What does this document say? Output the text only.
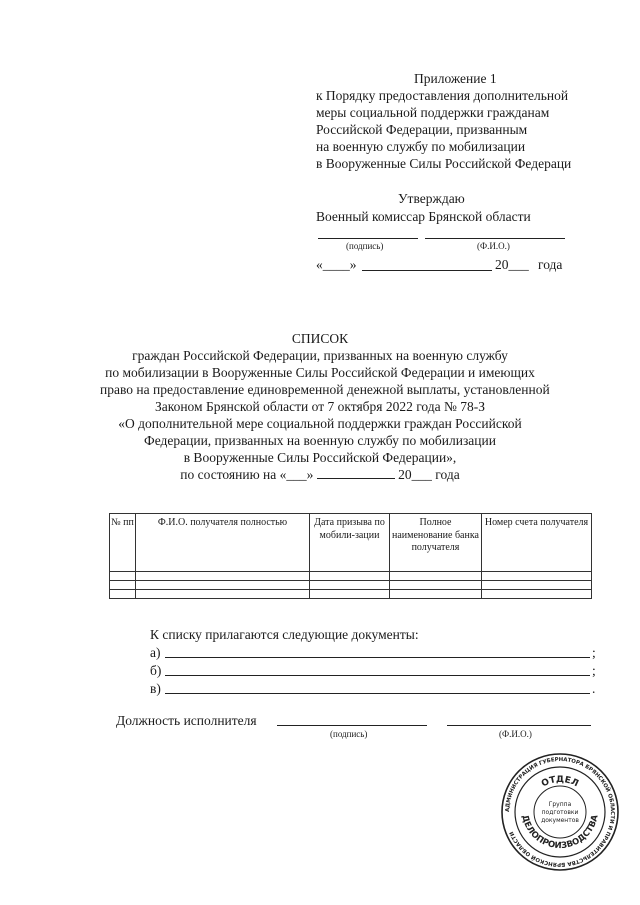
Приложение 1
к Порядку предоставления дополнительной
меры социальной поддержки гражданам
Российской Федерации, призванным
на военную службу по мобилизации
в Вооруженные Силы Российской Федераци
Утверждаю
Военный комиссар Брянской области
(подпись)	(Ф.И.О.)
«____»	20___ года
СПИСОК
граждан Российской Федерации, призванных на военную службу
по мобилизации в Вооруженные Силы Российской Федерации и имеющих
право на предоставление единовременной денежной выплаты, установленной
Законом Брянской области от 7 октября 2022 года № 78-З
«О дополнительной мере социальной поддержки граждан Российской
Федерации, призванных на военную службу по мобилизации
в Вооруженные Силы Российской Федерации»,
по состоянию на «___»	20___ года
№ пп	Ф.И.О. получателя полностью	Дата призыва по мобили-зации	Полное наименование банка получателя	Номер счета получателя

К списку прилагаются следующие документы:
а)	;
б)	;
в)	.
Должность исполнителя
(подпись)	(Ф.И.О.)
АДМИНИСТРАЦИЯ ГУБЕРНАТОРА БРЯНСКОЙ ОБЛАСТИ И ПРАВИТЕЛЬСТВА БРЯНСКОЙ ОБЛАСТИ
ОТДЕЛ
ДЕЛОПРОИЗВОДСТВА
Группа
подготовки
документов
